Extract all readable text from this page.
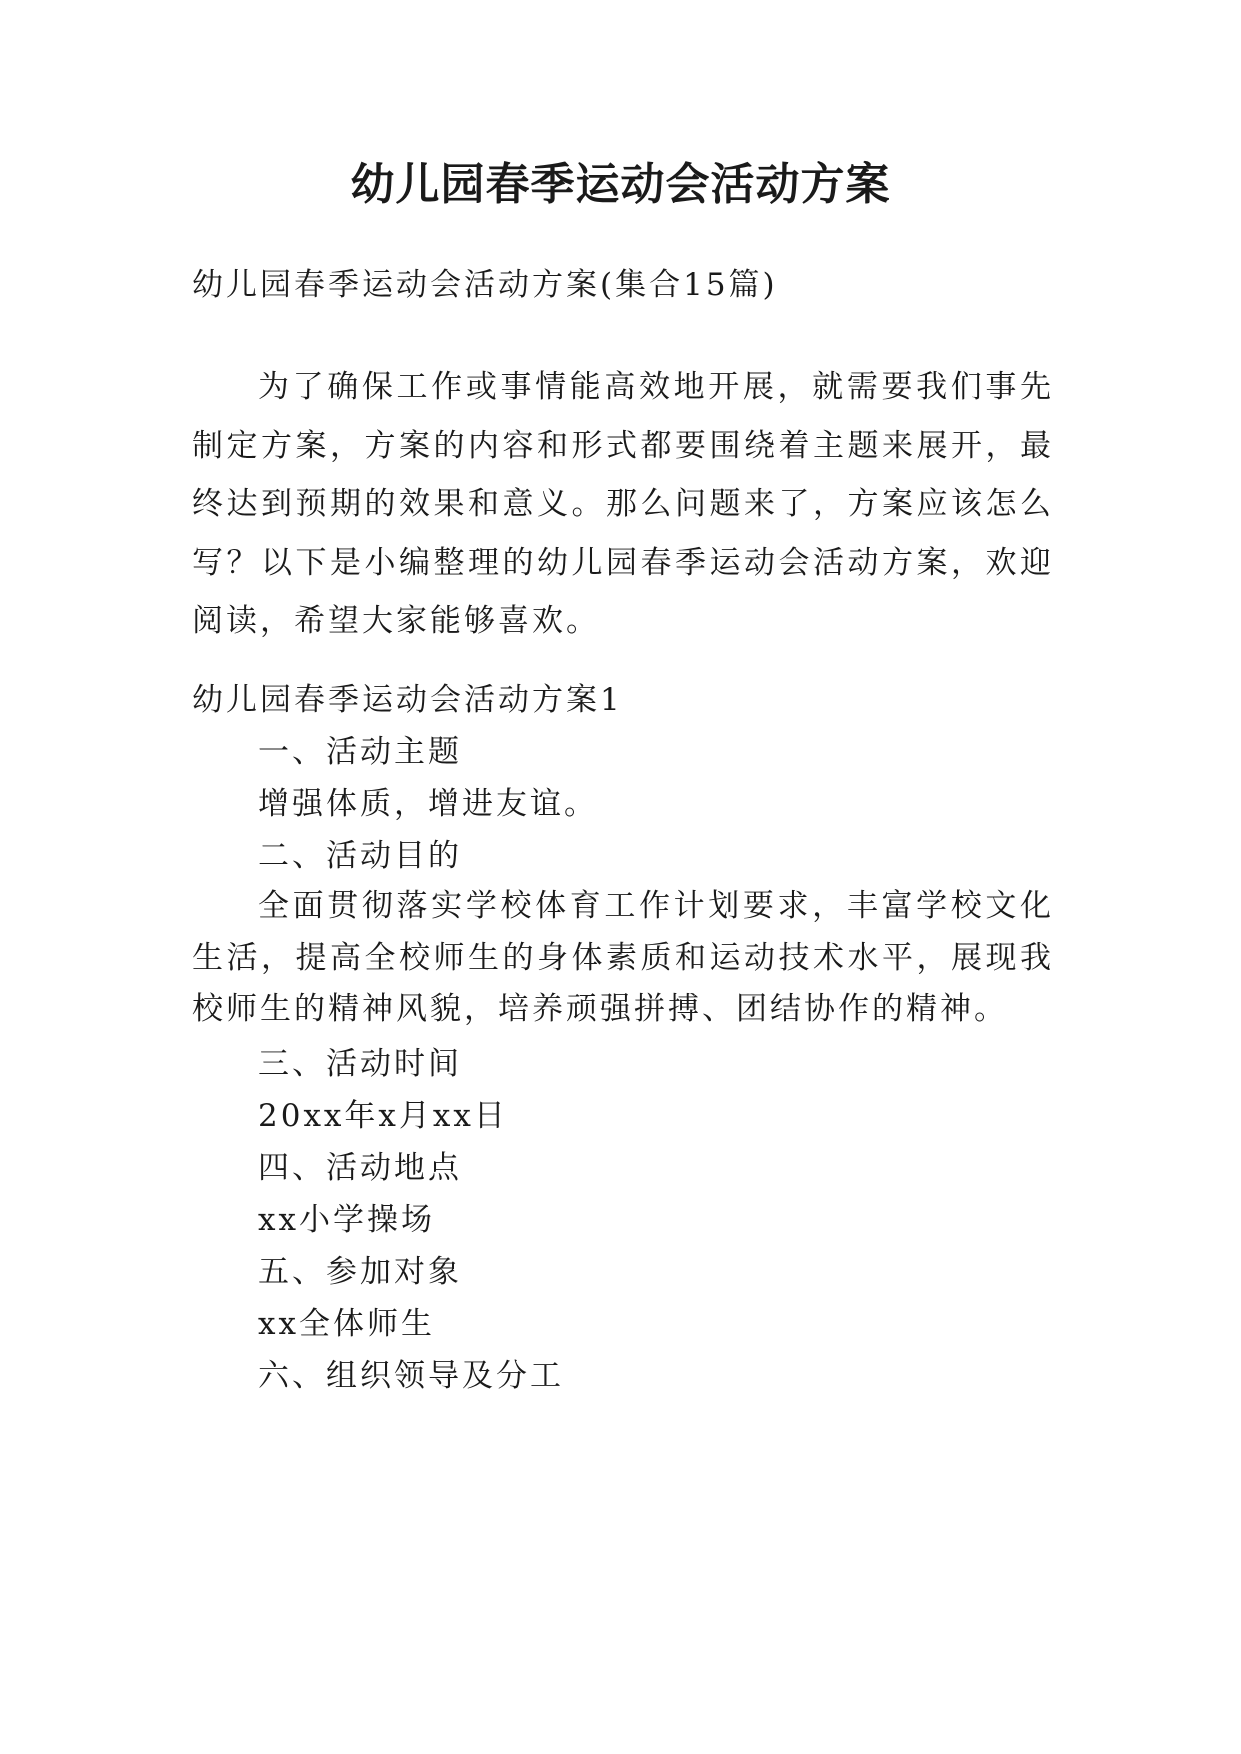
幼儿园春季运动会活动方案

幼儿园春季运动会活动方案(集合15篇)

为了确保工作或事情能高效地开展，就需要我们事先制定方案，方案的内容和形式都要围绕着主题来展开，最终达到预期的效果和意义。那么问题来了，方案应该怎么写？以下是小编整理的幼儿园春季运动会活动方案，欢迎阅读，希望大家能够喜欢。

幼儿园春季运动会活动方案1

一、活动主题

增强体质，增进友谊。

二、活动目的

全面贯彻落实学校体育工作计划要求，丰富学校文化生活，提高全校师生的身体素质和运动技术水平，展现我校师生的精神风貌，培养顽强拼搏、团结协作的精神。

三、活动时间

20xx年x月xx日

四、活动地点

xx小学操场

五、参加对象

xx全体师生

六、组织领导及分工
